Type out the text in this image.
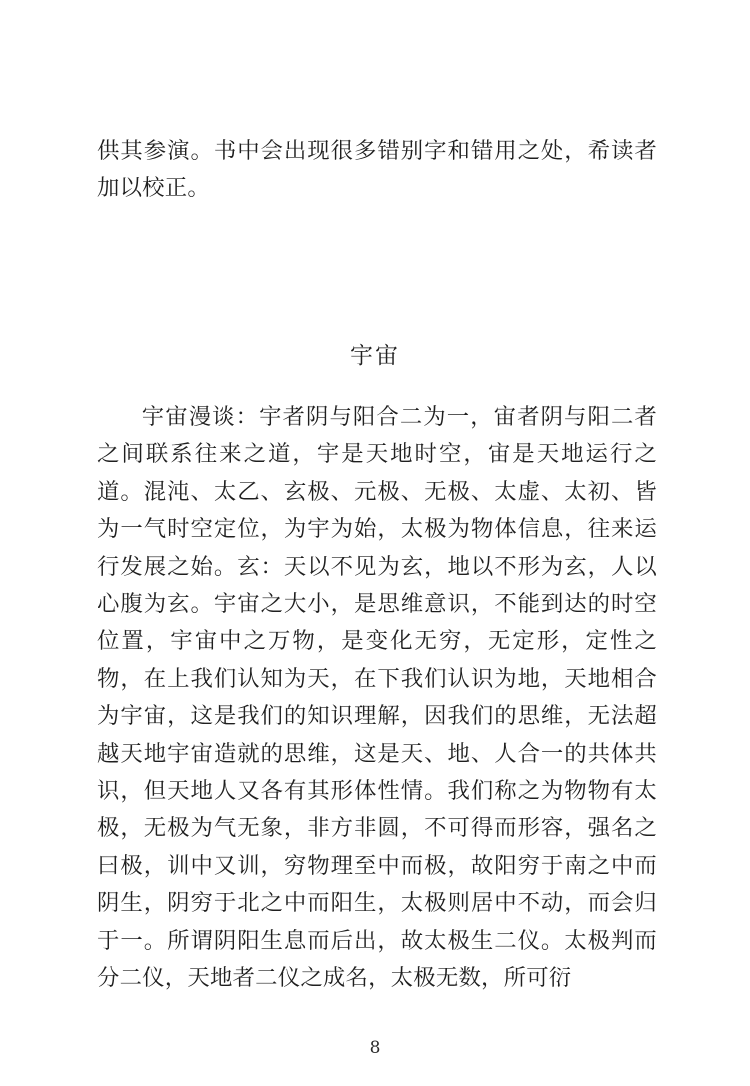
供其参演。书中会出现很多错别字和错用之处，希读者加以校正。

宇宙

宇宙漫谈：宇者阴与阳合二为一，宙者阴与阳二者之间联系往来之道，宇是天地时空，宙是天地运行之道。混沌、太乙、玄极、元极、无极、太虚、太初、皆为一气时空定位，为宇为始，太极为物体信息，往来运行发展之始。玄：天以不见为玄，地以不形为玄，人以心腹为玄。宇宙之大小，是思维意识，不能到达的时空位置，宇宙中之万物，是变化无穷，无定形，定性之物，在上我们认知为天，在下我们认识为地，天地相合为宇宙，这是我们的知识理解，因我们的思维，无法超越天地宇宙造就的思维，这是天、地、人合一的共体共识，但天地人又各有其形体性情。我们称之为物物有太极，无极为气无象，非方非圆，不可得而形容，强名之曰极，训中又训，穷物理至中而极，故阳穷于南之中而阴生，阴穷于北之中而阳生，太极则居中不动，而会归于一。所谓阴阳生息而后出，故太极生二仪。太极判而分二仪，天地者二仪之成名，太极无数，所可衍

8
